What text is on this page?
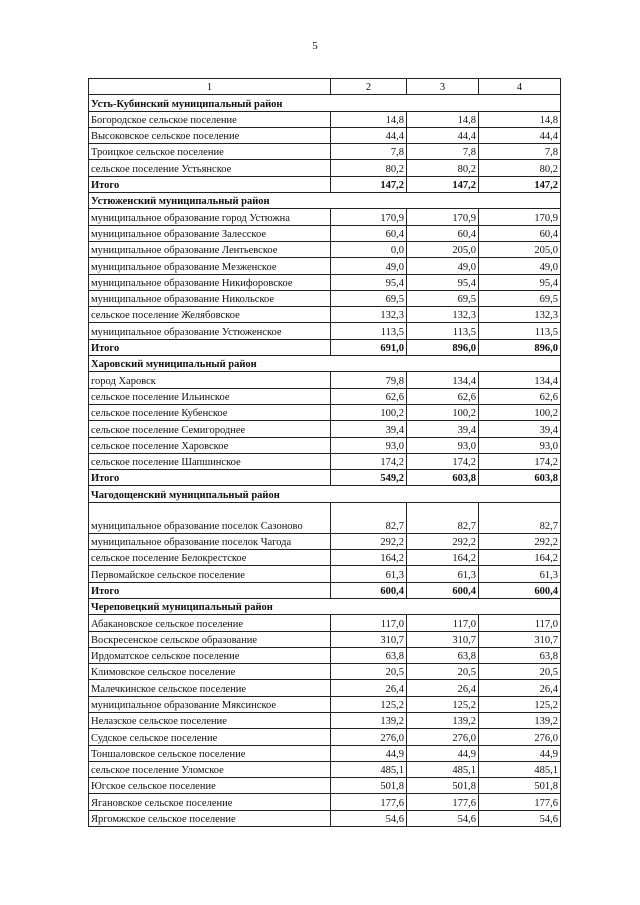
5
1	2	3	4
Усть-Кубинский муниципальный район			
Богородское сельское поселение	14,8	14,8	14,8
Высоковское сельское поселение	44,4	44,4	44,4
Троицкое сельское поселение	7,8	7,8	7,8
сельское поселение Устьянское	80,2	80,2	80,2
Итого	147,2	147,2	147,2
Устюженский муниципальный район			
муниципальное образование город Устюжна	170,9	170,9	170,9
муниципальное образование Залесское	60,4	60,4	60,4
муниципальное образование Лентьевское	0,0	205,0	205,0
муниципальное образование Мезженское	49,0	49,0	49,0
муниципальное образование Никифоровское	95,4	95,4	95,4
муниципальное образование Никольское	69,5	69,5	69,5
сельское поселение Желябовское	132,3	132,3	132,3
муниципальное образование Устюженское	113,5	113,5	113,5
Итого	691,0	896,0	896,0
Харовский муниципальный район			
город Харовск	79,8	134,4	134,4
сельское поселение Ильинское	62,6	62,6	62,6
сельское поселение Кубенское	100,2	100,2	100,2
сельское поселение Семигороднее	39,4	39,4	39,4
сельское поселение Харовское	93,0	93,0	93,0
сельское поселение Шапшинское	174,2	174,2	174,2
Итого	549,2	603,8	603,8
Чагодощенский муниципальный район			
муниципальное образование поселок Сазоново	82,7	82,7	82,7
муниципальное образование поселок Чагода	292,2	292,2	292,2
сельское поселение Белокрестское	164,2	164,2	164,2
Первомайское сельское поселение	61,3	61,3	61,3
Итого	600,4	600,4	600,4
Череповецкий муниципальный район			
Абакановское сельское поселение	117,0	117,0	117,0
Воскресенское сельское образование	310,7	310,7	310,7
Ирдоматское сельское поселение	63,8	63,8	63,8
Климовское сельское поселение	20,5	20,5	20,5
Малечкинское сельское поселение	26,4	26,4	26,4
муниципальное образование Мяксинское	125,2	125,2	125,2
Нелазское сельское поселение	139,2	139,2	139,2
Судское сельское поселение	276,0	276,0	276,0
Тоншаловское сельское поселение	44,9	44,9	44,9
сельское поселение Уломское	485,1	485,1	485,1
Югское сельское поселение	501,8	501,8	501,8
Ягановское сельское поселение	177,6	177,6	177,6
Яргомжское сельское поселение	54,6	54,6	54,6
